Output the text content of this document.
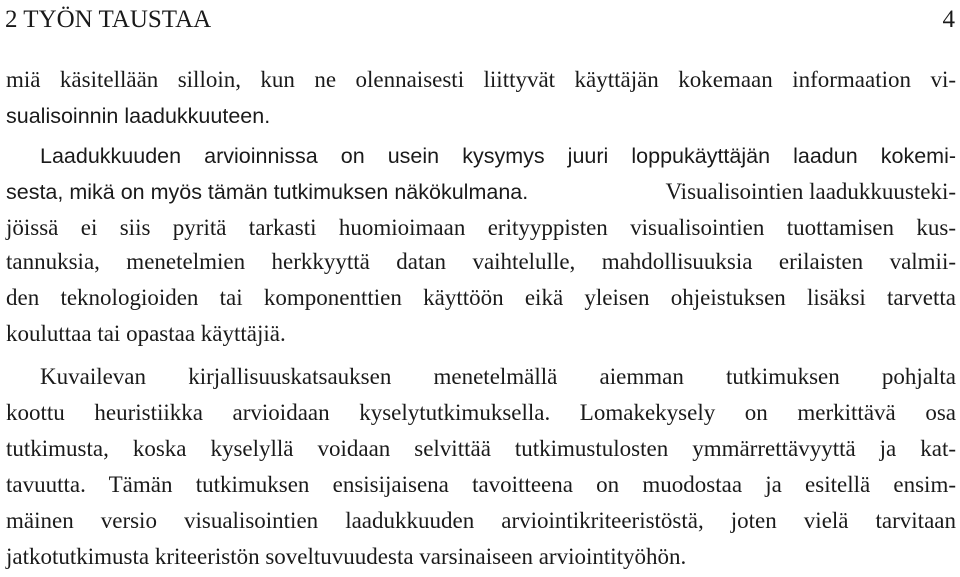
2 TYÖN TAUSTAA	4
miä käsitellään silloin, kun ne olennaisesti liittyvät käyttäjän kokemaan informaation vi-
sualisoinnin laadukkuuteen.
Laadukkuuden arvioinnissa on usein kysymys juuri loppukäyttäjän laadun kokemi-
sesta, mikä on myös tämän tutkimuksen näkökulmana.	Visualisointien laadukkuusteki-
jöissä ei siis pyritä tarkasti huomioimaan erityyppisten visualisointien tuottamisen kus-
tannuksia, menetelmien herkkyyttä datan vaihtelulle, mahdollisuuksia erilaisten valmii-
den teknologioiden tai komponenttien käyttöön eikä yleisen ohjeistuksen lisäksi tarvetta
kouluttaa tai opastaa käyttäjiä.
Kuvailevan kirjallisuuskatsauksen menetelmällä aiemman tutkimuksen pohjalta
koottu heuristiikka arvioidaan kyselytutkimuksella. Lomakekysely on merkittävä osa
tutkimusta, koska kyselyllä voidaan selvittää tutkimustulosten ymmärrettävyyttä ja kat-
tavuutta. Tämän tutkimuksen ensisijaisena tavoitteena on muodostaa ja esitellä ensim-
mäinen versio visualisointien laadukkuuden arviointikriteeristöstä, joten vielä tarvitaan
jatkotutkimusta kriteeristön soveltuvuudesta varsinaiseen arviointityöhön.
